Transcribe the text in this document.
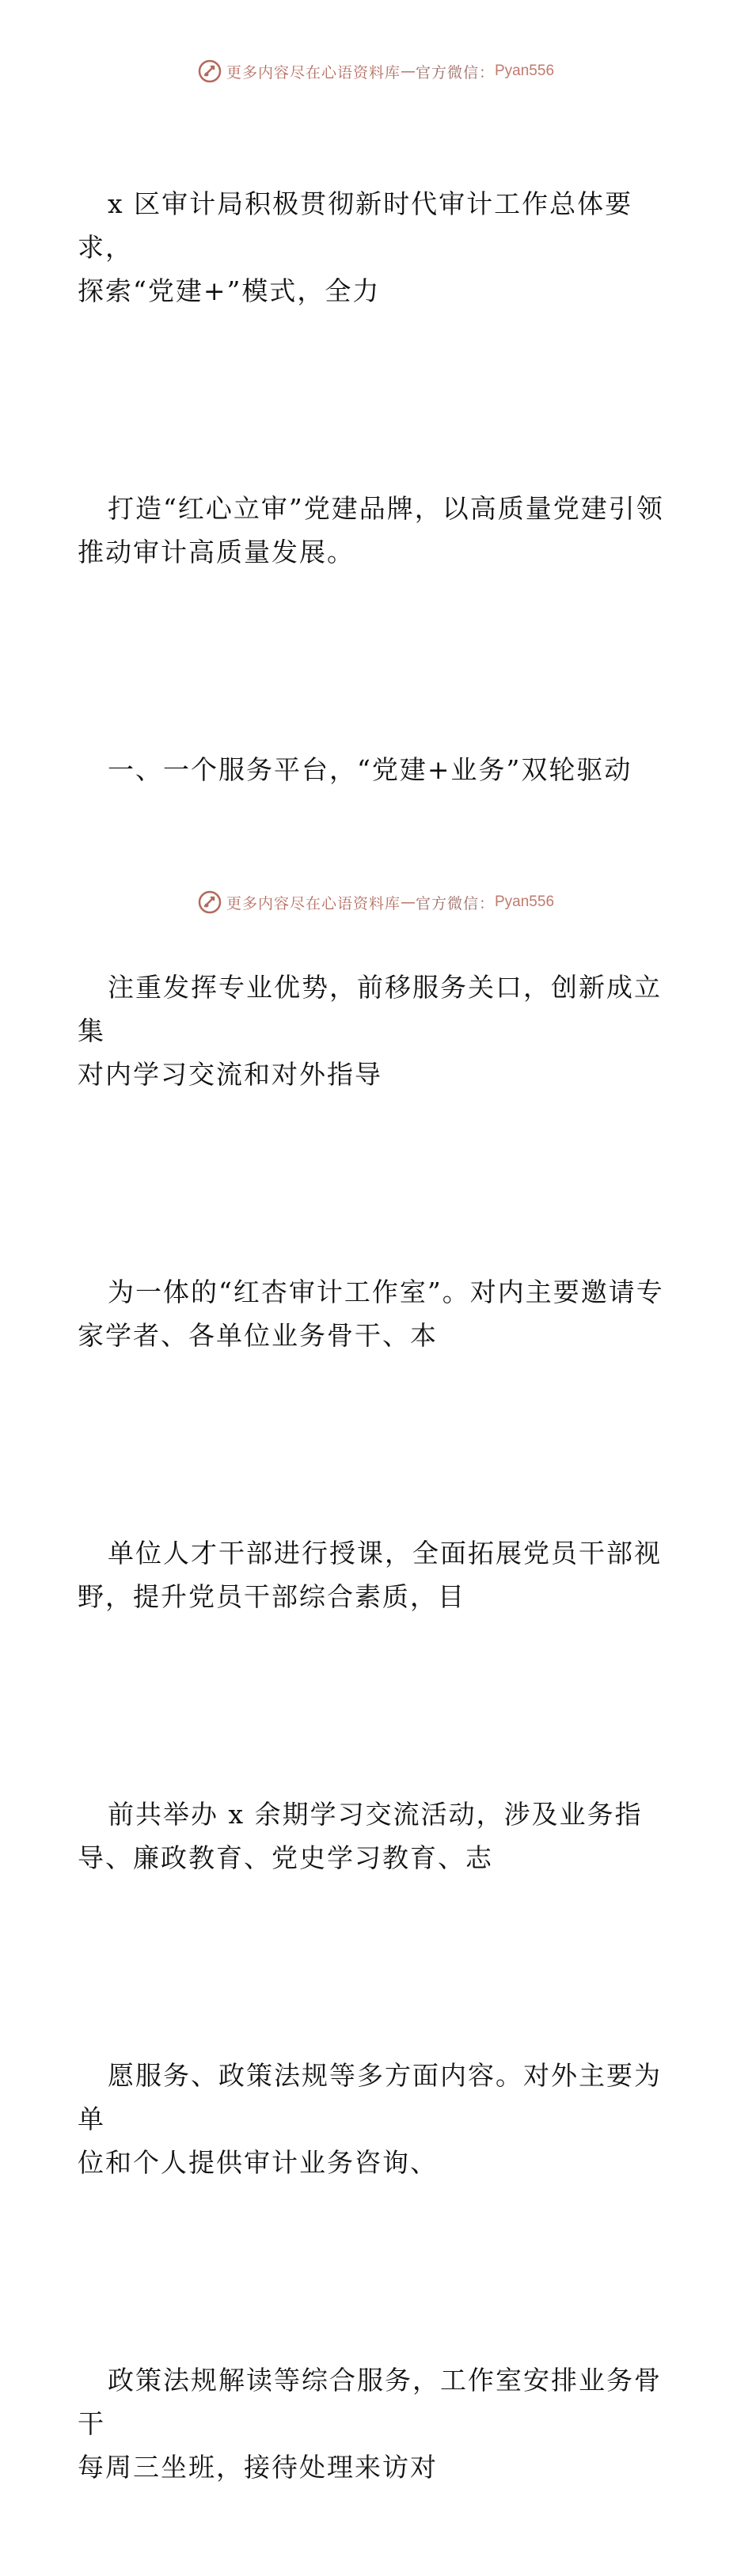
更多内容尽在心语资料库 — 官方微信： Pyan556

x 区审计局积极贯彻新时代审计工作总体要求，
探索“党建+”模式，全力

打造“红心立审”党建品牌，以高质量党建引领
推动审计高质量发展。

一、一个服务平台，“党建+业务”双轮驱动

注重发挥专业优势，前移服务关口，创新成立集
对内学习交流和对外指导

为一体的“红杏审计工作室”。对内主要邀请专
家学者、各单位业务骨干、本

单位人才干部进行授课，全面拓展党员干部视
野，提升党员干部综合素质，目

前共举办 x 余期学习交流活动，涉及业务指
导、廉政教育、党史学习教育、志

愿服务、政策法规等多方面内容。对外主要为单
位和个人提供审计业务咨询、

政策法规解读等综合服务，工作室安排业务骨干
每周三坐班，接待处理来访对

更多内容尽在心语资料库 — 官方微信： Pyan556
